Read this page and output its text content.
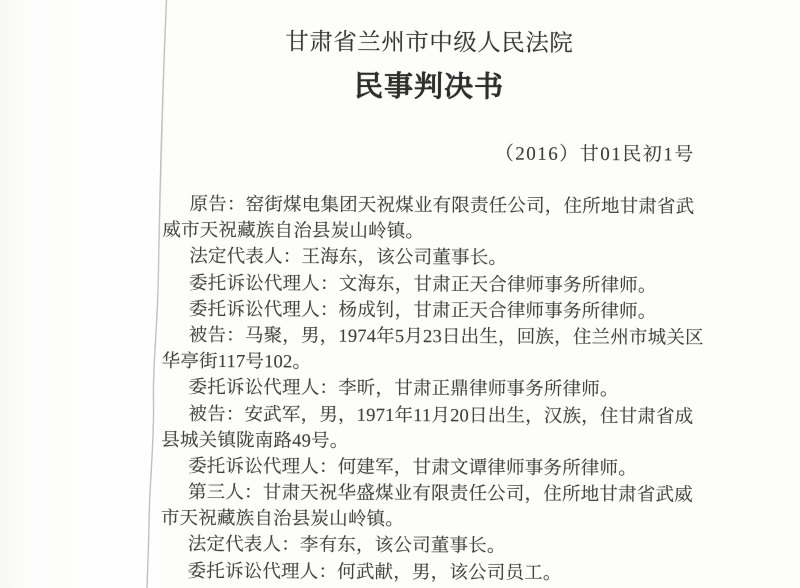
甘肃省兰州市中级人民法院
民事判决书
（2016）甘01民初1号
原告：窑街煤电集团天祝煤业有限责任公司，住所地甘肃省武
威市天祝藏族自治县炭山岭镇。
法定代表人：王海东，该公司董事长。
委托诉讼代理人：文海东，甘肃正天合律师事务所律师。
委托诉讼代理人：杨成钊，甘肃正天合律师事务所律师。
被告：马聚，男，1974年5月23日出生，回族，住兰州市城关区
华亭街117号102。
委托诉讼代理人：李昕，甘肃正鼎律师事务所律师。
被告：安武军，男，1971年11月20日出生，汉族，住甘肃省成
县城关镇陇南路49号。
委托诉讼代理人：何建军，甘肃文谭律师事务所律师。
第三人：甘肃天祝华盛煤业有限责任公司，住所地甘肃省武威
市天祝藏族自治县炭山岭镇。
法定代表人：李有东，该公司董事长。
委托诉讼代理人：何武献，男，该公司员工。
